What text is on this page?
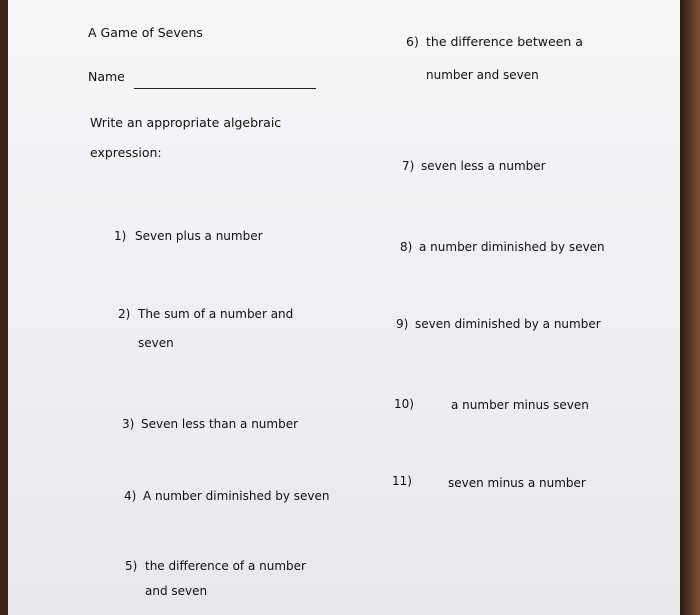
A Game of Sevens
Name
Write an appropriate algebraic
expression:
1) Seven plus a number
2) The sum of a number and
seven
3) Seven less than a number
4) A number diminished by seven
5) the difference of a number
and seven
6) the difference between a
number and seven
7) seven less a number
8) a number diminished by seven
9) seven diminished by a number
10)	a number minus seven
11)	seven minus a number
